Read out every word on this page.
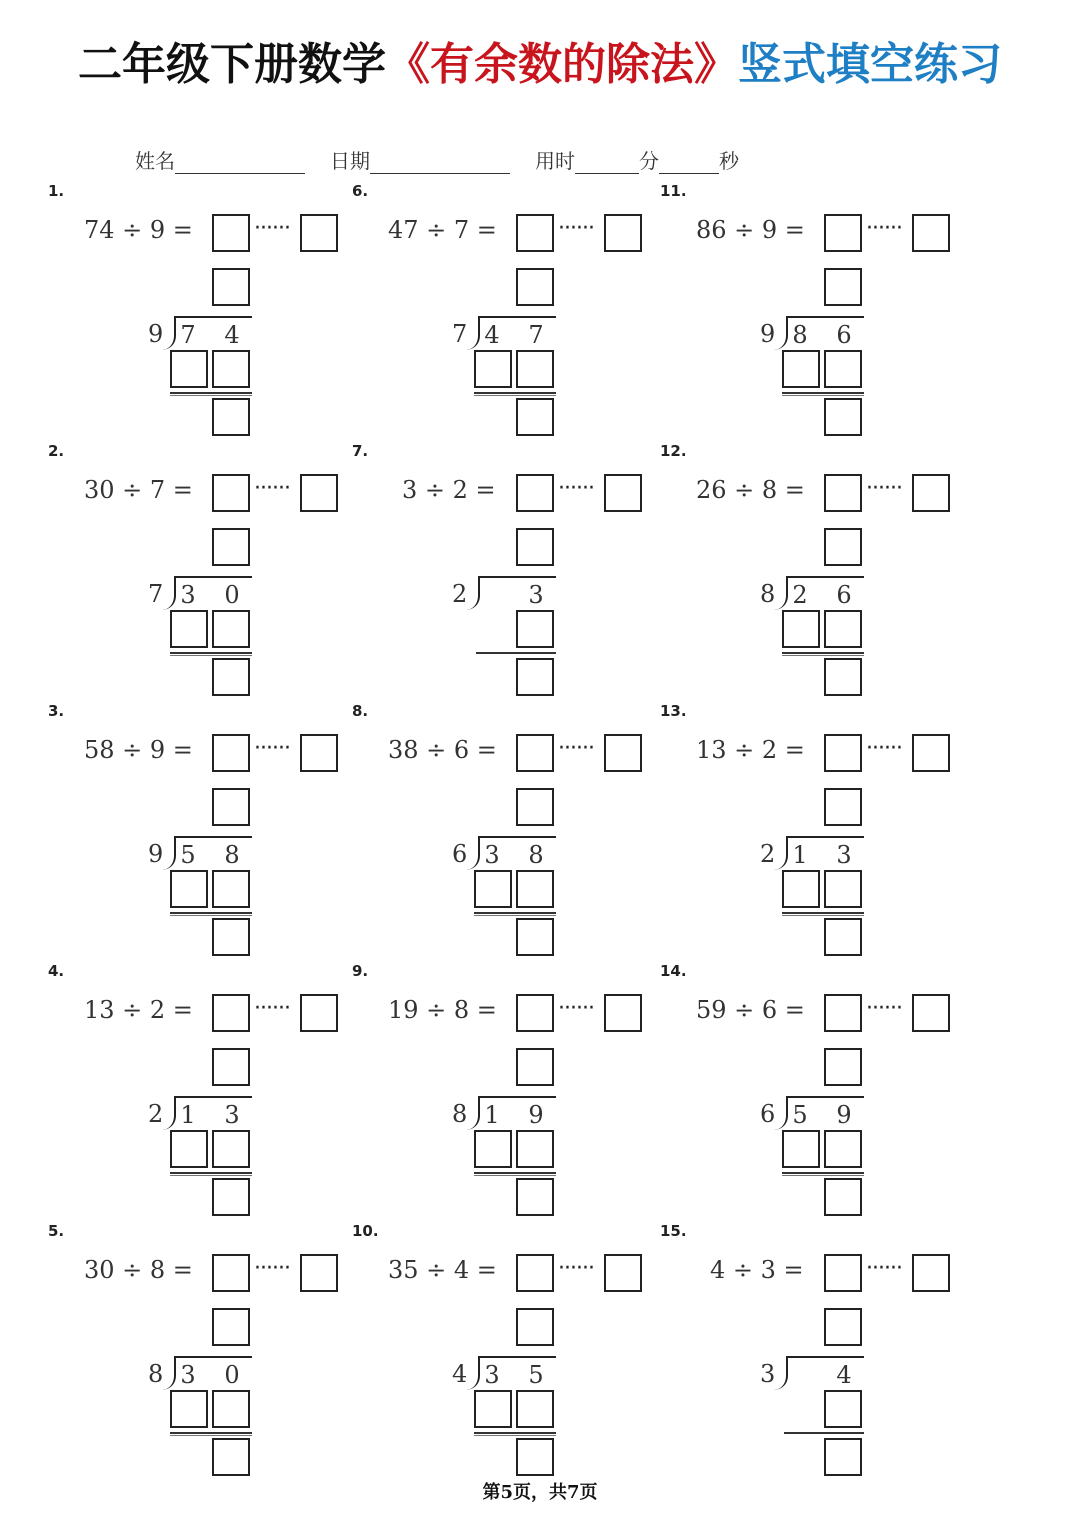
二年级下册数学《有余数的除法》竖式填空练习
姓名	日期	用时	分	秒
1.
74 ÷ 9 =	······
9 7 4
2.
30 ÷ 7 =	······
7 3 0
3.
58 ÷ 9 =	······
9 5 8
4.
13 ÷ 2 =	······
2 1 3
5.
30 ÷ 8 =	······
8 3 0
6.
47 ÷ 7 =	······
7 4 7
7.
3 ÷ 2 =	······
2	3
8.
38 ÷ 6 =	······
6 3 8
9.
19 ÷ 8 =	······
8 1 9
10.
35 ÷ 4 =	······
4 3 5
11.
86 ÷ 9 =	······
9 8 6
12.
26 ÷ 8 =	······
8 2 6
13.
13 ÷ 2 =	······
2 1 3
14.
59 ÷ 6 =	······
6 5 9
15.
4 ÷ 3 =	······
3	4
第5页，共7页
